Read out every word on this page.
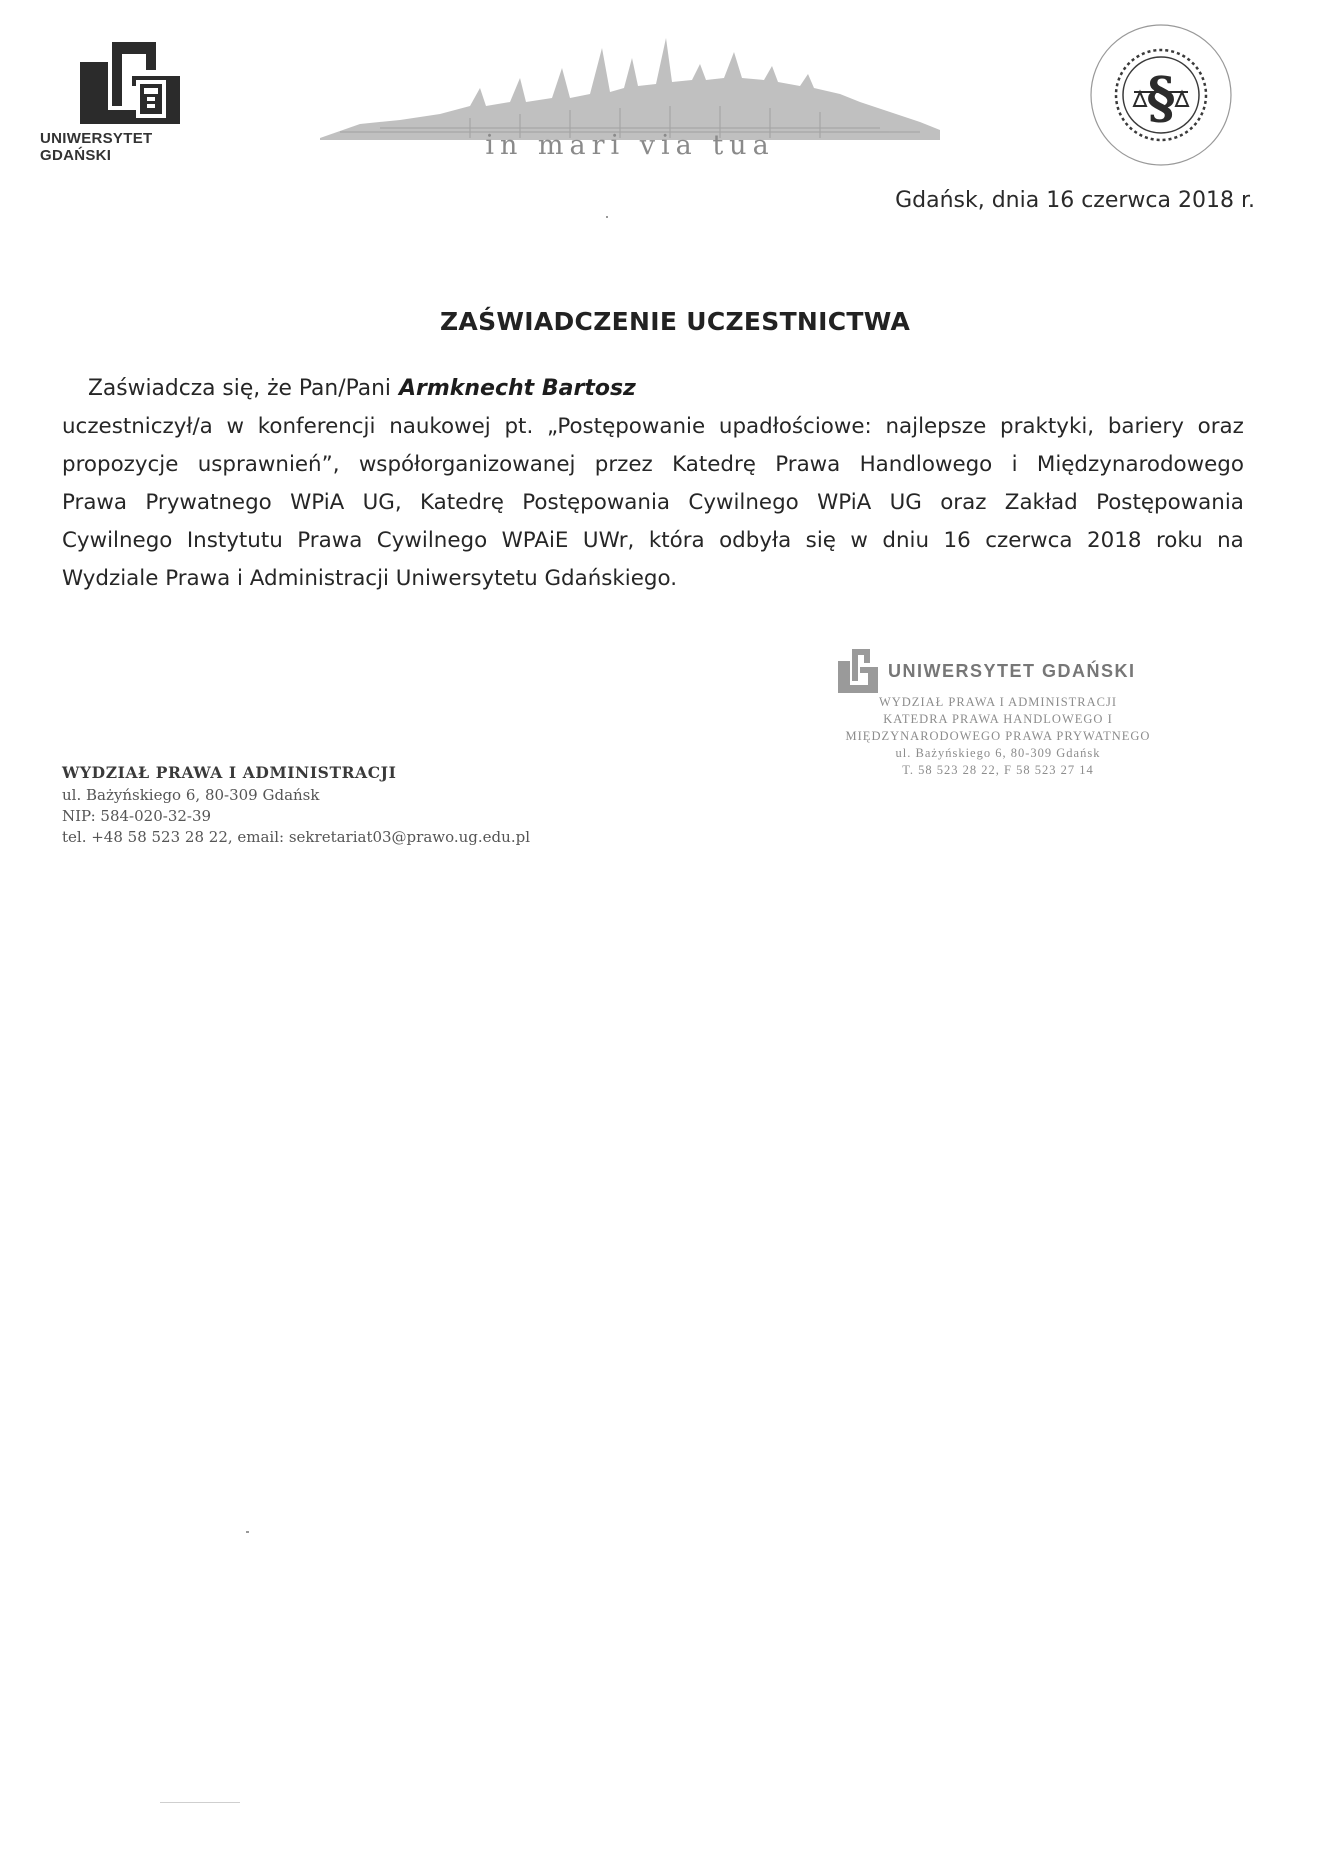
UNIWERSYTET GDAŃSKI	in mari via tua
§
Gdańsk, dnia 16 czerwca 2018 r.
ZAŚWIADCZENIE UCZESTNICTWA
Zaświadcza się, że Pan/Pani Armknecht Bartosz
uczestniczył/a w konferencji naukowej pt. „Postępowanie upadłościowe: najlepsze praktyki, bariery oraz
propozycje usprawnień”, współorganizowanej przez Katedrę Prawa Handlowego i Międzynarodowego
Prawa Prywatnego WPiA UG, Katedrę Postępowania Cywilnego WPiA UG oraz Zakład Postępowania
Cywilnego Instytutu Prawa Cywilnego WPAiE UWr, która odbyła się w dniu 16 czerwca 2018 roku na
Wydziale Prawa i Administracji Uniwersytetu Gdańskiego.
WYDZIAŁ PRAWA I ADMINISTRACJI
ul. Bażyńskiego 6, 80-309 Gdańsk
NIP: 584-020-32-39
tel. +48 58 523 28 22, email: sekretariat03@prawo.ug.edu.pl
UNIWERSYTET GDAŃSKI
WYDZIAŁ PRAWA I ADMINISTRACJI
KATEDRA PRAWA HANDLOWEGO I
MIĘDZYNARODOWEGO PRAWA PRYWATNEGO
ul. Bażyńskiego 6, 80-309 Gdańsk
T. 58 523 28 22, F 58 523 27 14
